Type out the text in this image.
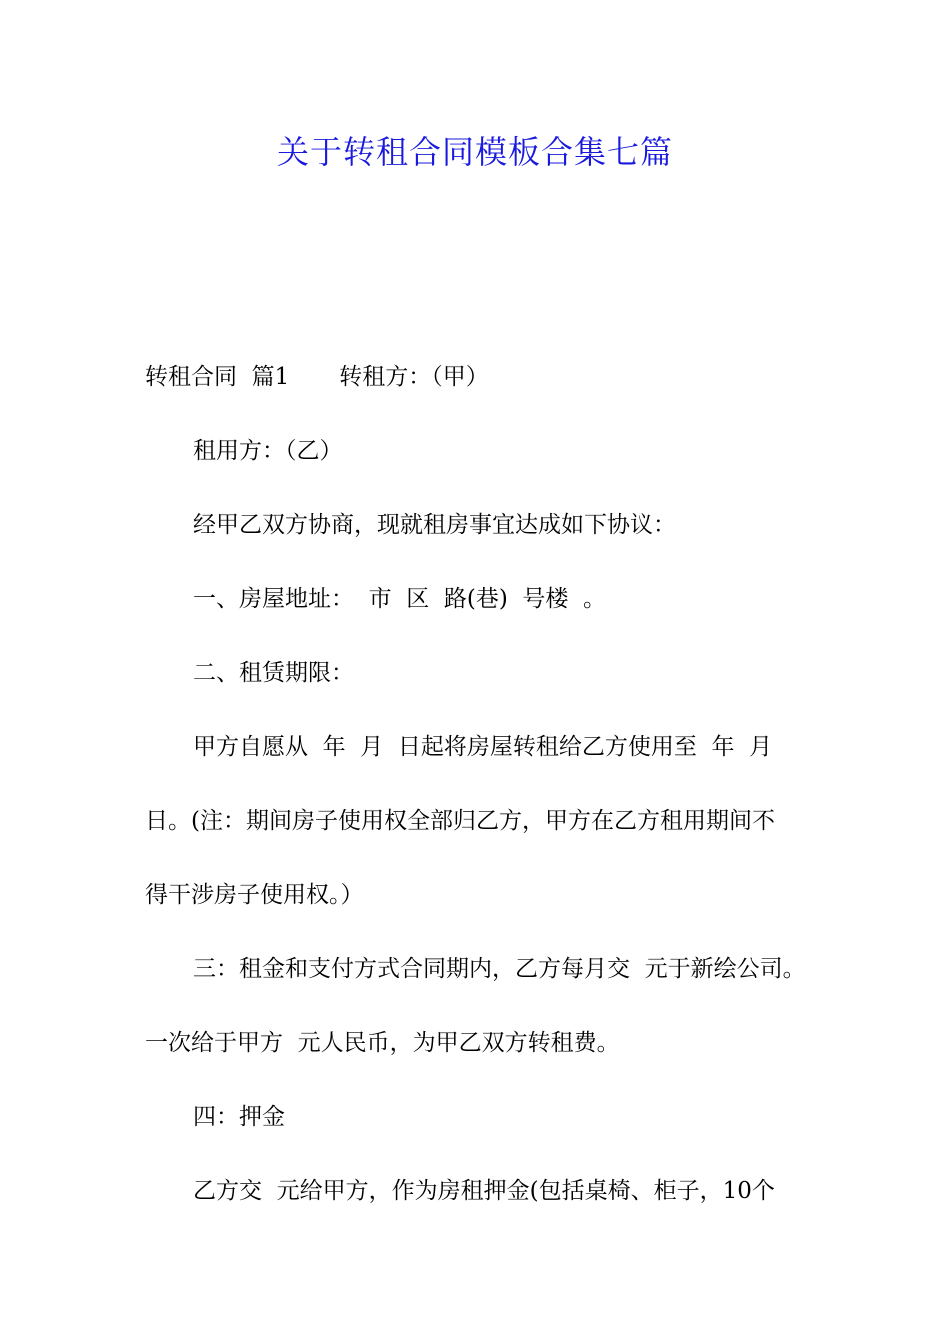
关于转租合同模板合集七篇
转租合同  篇1 转租方：（甲）
租用方：（乙）
经甲乙双方协商，现就租房事宜达成如下协议：
一、房屋地址：  市  区  路(巷)  号楼  。
二、租赁期限：
甲方自愿从  年  月  日起将房屋转租给乙方使用至  年  月
日。(注：期间房子使用权全部归乙方，甲方在乙方租用期间不
得干涉房子使用权。）
三：租金和支付方式合同期内，乙方每月交  元于新绘公司。
一次给于甲方  元人民币，为甲乙双方转租费。
四：押金
乙方交  元给甲方，作为房租押金(包括桌椅、柜子，10个
